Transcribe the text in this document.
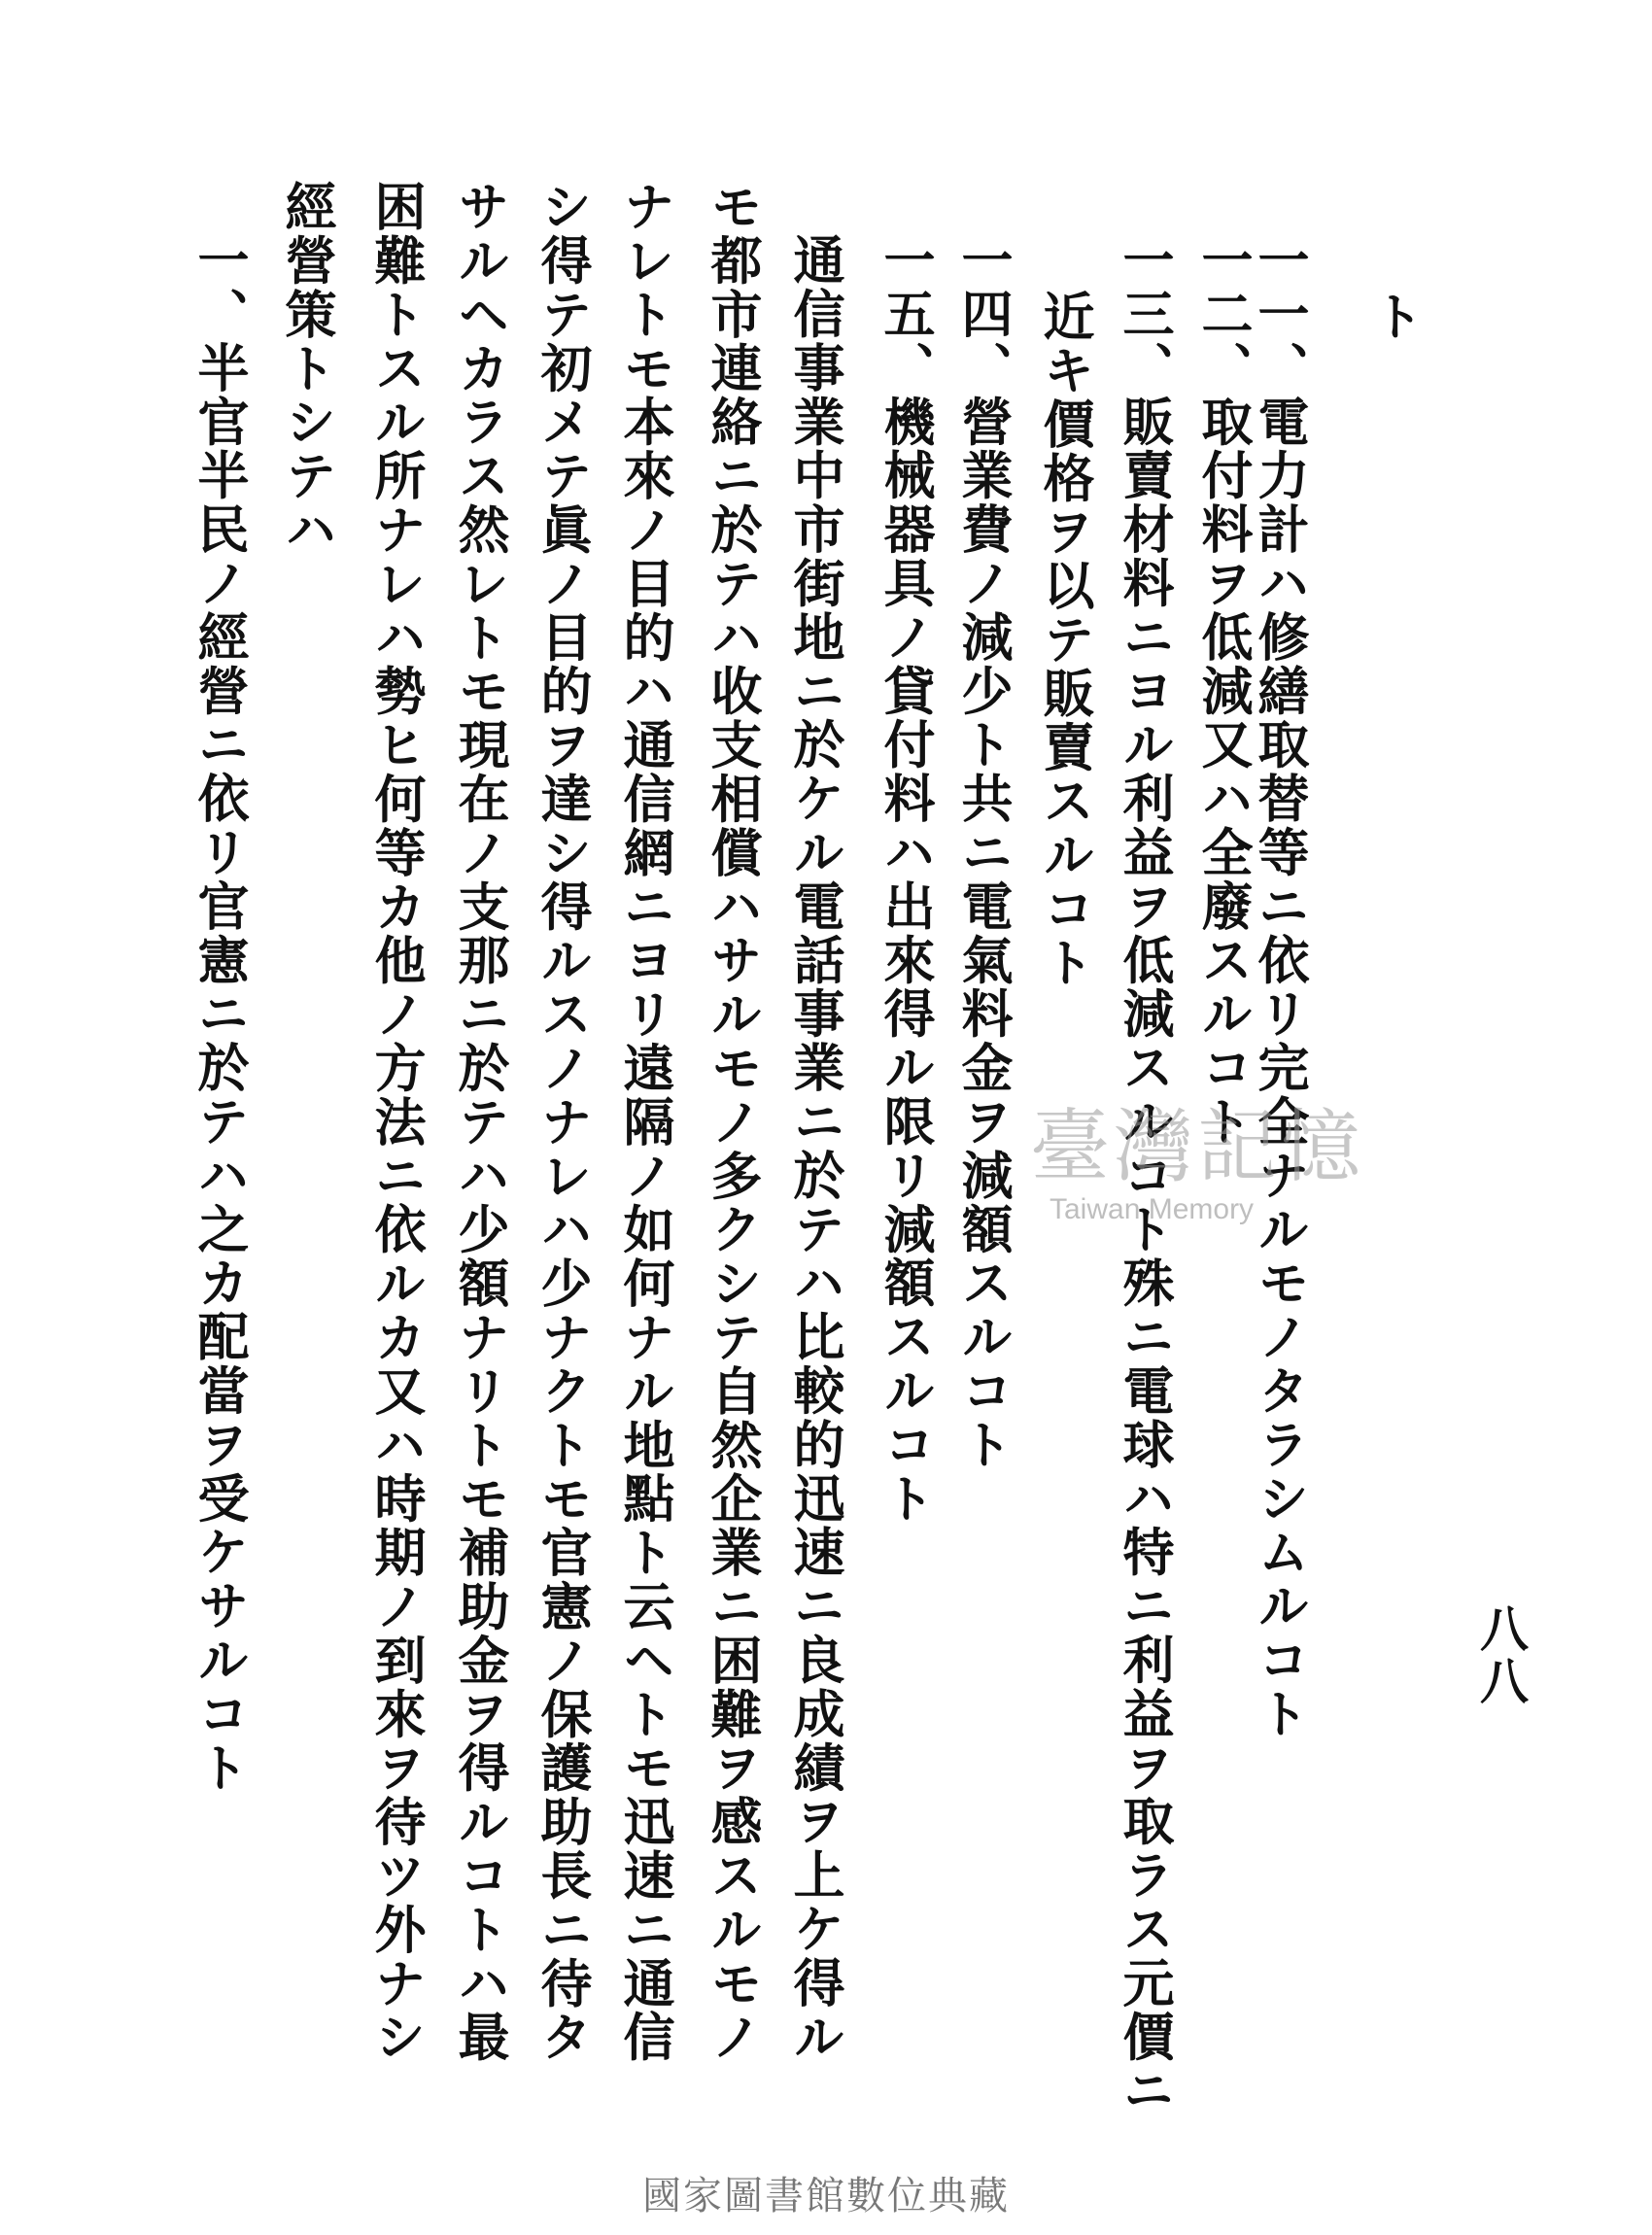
ト
一一、電力計ハ修繕取替等ニ依リ完全ナルモノタラシムルコト
一二、取付料ヲ低減又ハ全廢スルコト
一三、販賣材料ニヨル利益ヲ低減スルコト殊ニ電球ハ特ニ利益ヲ取ラス元價ニ
近キ價格ヲ以テ販賣スルコト
一四、營業費ノ減少ト共ニ電氣料金ヲ減額スルコト
一五、機械器具ノ貸付料ハ出來得ル限リ減額スルコト
通信事業中市街地ニ於ケル電話事業ニ於テハ比較的迅速ニ良成績ヲ上ケ得ル
モ都市連絡ニ於テハ收支相償ハサルモノ多クシテ自然企業ニ困難ヲ感スルモノ
ナレトモ本來ノ目的ハ通信網ニヨリ遠隔ノ如何ナル地點ト云ヘトモ迅速ニ通信
シ得テ初メテ眞ノ目的ヲ達シ得ルスノナレハ少ナクトモ官憲ノ保護助長ニ待タ
サルヘカラス然レトモ現在ノ支那ニ於テハ少額ナリトモ補助金ヲ得ルコトハ最
困難トスル所ナレハ勢ヒ何等カ他ノ方法ニ依ルカ又ハ時期ノ到來ヲ待ツ外ナシ
經營策トシテハ
一、半官半民ノ經營ニ依リ官憲ニ於テハ之カ配當ヲ受ケサルコト	八八
臺灣記憶
Taiwan Memory
國家圖書館數位典藏
